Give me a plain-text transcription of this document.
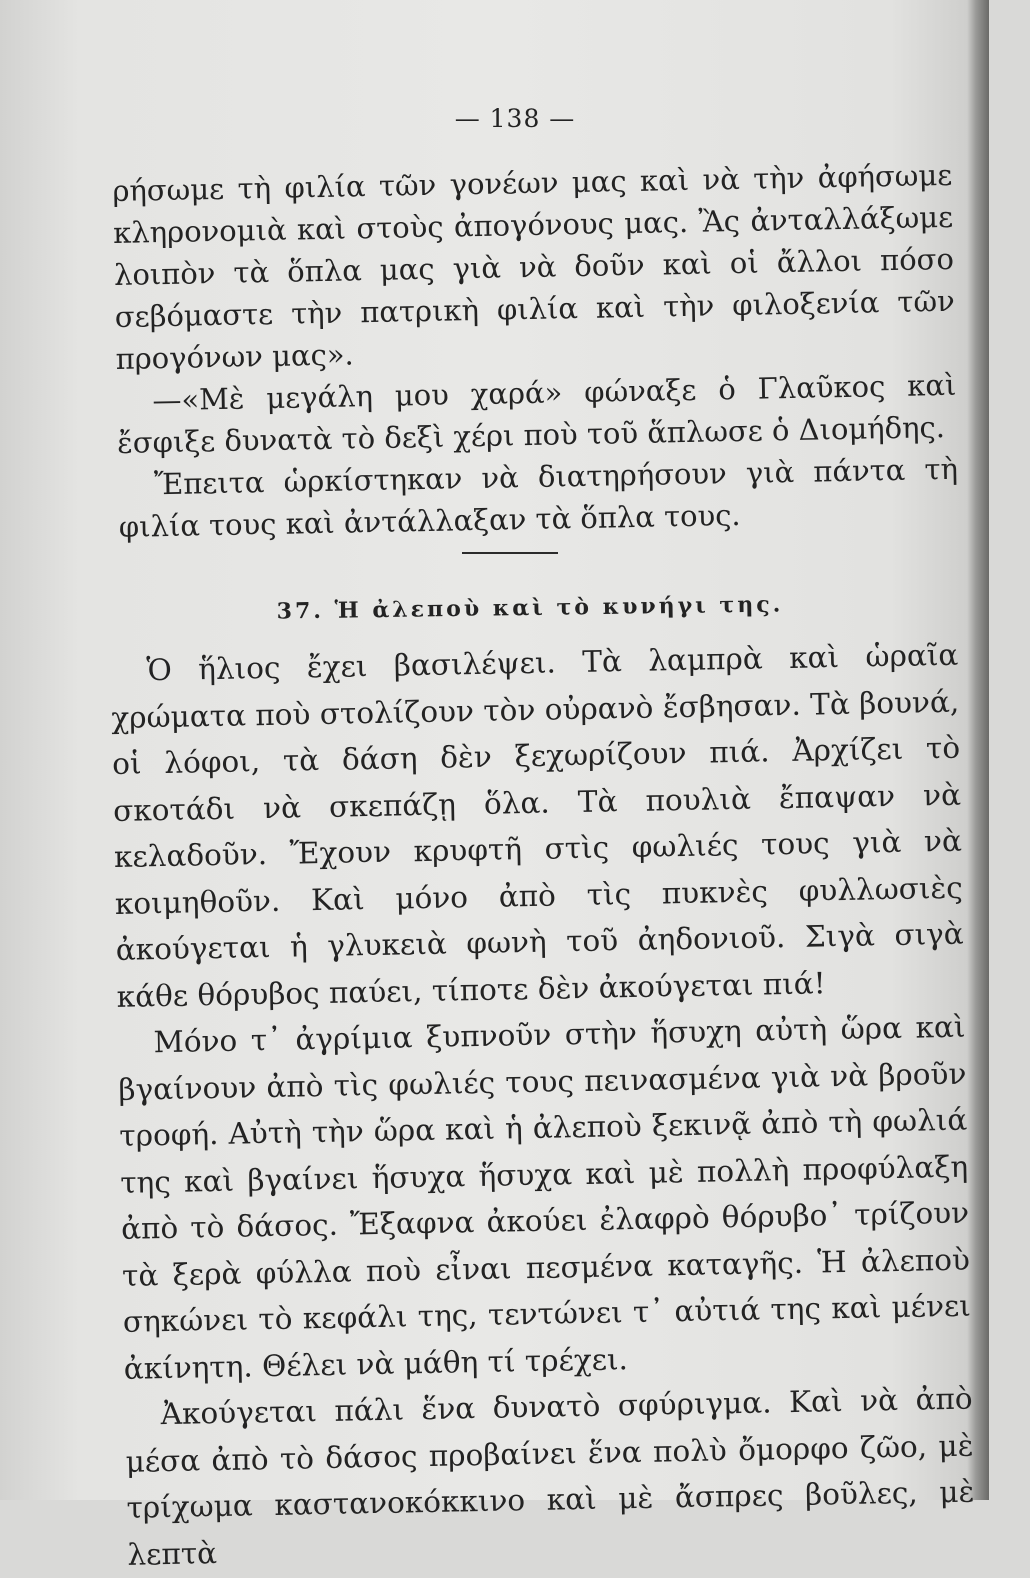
— 138 —

ρήσωμε τὴ φιλία τῶν γονέων μας καὶ νὰ τὴν ἀφήσωμε κληρονομιὰ καὶ στοὺς ἀπογόνους μας. Ἂς ἀνταλλάξωμε λοιπὸν τὰ ὅπλα μας γιὰ νὰ δοῦν καὶ οἱ ἄλλοι πόσο σεβόμαστε τὴν πατρικὴ φιλία καὶ τὴν φιλοξενία τῶν προγόνων μας».

—«Μὲ μεγάλη μου χαρά» φώναξε ὁ Γλαῦκος καὶ ἔσφιξε δυνατὰ τὸ δεξὶ χέρι ποὺ τοῦ ἅπλωσε ὁ Διομήδης.

Ἔπειτα ὡρκίστηκαν νὰ διατηρήσουν γιὰ πάντα τὴ φιλία τους καὶ ἀντάλλαξαν τὰ ὅπλα τους.

37. Ἡ ἀλεποὺ καὶ τὸ κυνήγι της.

Ὁ ἥλιος ἔχει βασιλέψει. Τὰ λαμπρὰ καὶ ὡραῖα χρώματα ποὺ στολίζουν τὸν οὐρανὸ ἔσβησαν. Τὰ βουνά, οἱ λόφοι, τὰ δάση δὲν ξεχωρίζουν πιά. Ἀρχίζει τὸ σκοτάδι νὰ σκεπάζῃ ὅλα. Τὰ πουλιὰ ἔπαψαν νὰ κελαδοῦν. Ἔχουν κρυφτῆ στὶς φωλιές τους γιὰ νὰ κοιμηθοῦν. Καὶ μόνο ἀπὸ τὶς πυκνὲς φυλλωσιὲς ἀκούγεται ἡ γλυκειὰ φωνὴ τοῦ ἀηδονιοῦ. Σιγὰ σιγὰ κάθε θόρυβος παύει, τίποτε δὲν ἀκούγεται πιά!

Μόνο τ᾽ ἀγρίμια ξυπνοῦν στὴν ἥσυχη αὐτὴ ὥρα καὶ βγαίνουν ἀπὸ τὶς φωλιές τους πεινασμένα γιὰ νὰ βροῦν τροφή. Αὐτὴ τὴν ὥρα καὶ ἡ ἀλεποὺ ξεκινᾷ ἀπὸ τὴ φωλιά της καὶ βγαίνει ἥσυχα ἥσυχα καὶ μὲ πολλὴ προφύλαξη ἀπὸ τὸ δάσος. Ἔξαφνα ἀκούει ἐλαφρὸ θόρυβο᾽ τρίζουν τὰ ξερὰ φύλλα ποὺ εἶναι πεσμένα καταγῆς. Ἡ ἀλεποὺ σηκώνει τὸ κεφάλι της, τεντώνει τ᾽ αὐτιά της καὶ μένει ἀκίνητη. Θέλει νὰ μάθη τί τρέχει.

Ἀκούγεται πάλι ἕνα δυνατὸ σφύριγμα. Καὶ νὰ ἀπὸ μέσα ἀπὸ τὸ δάσος προβαίνει ἕνα πολὺ ὄμορφο ζῶο, μὲ τρίχωμα καστανοκόκκινο καὶ μὲ ἄσπρες βοῦλες, μὲ λεπτὰ
